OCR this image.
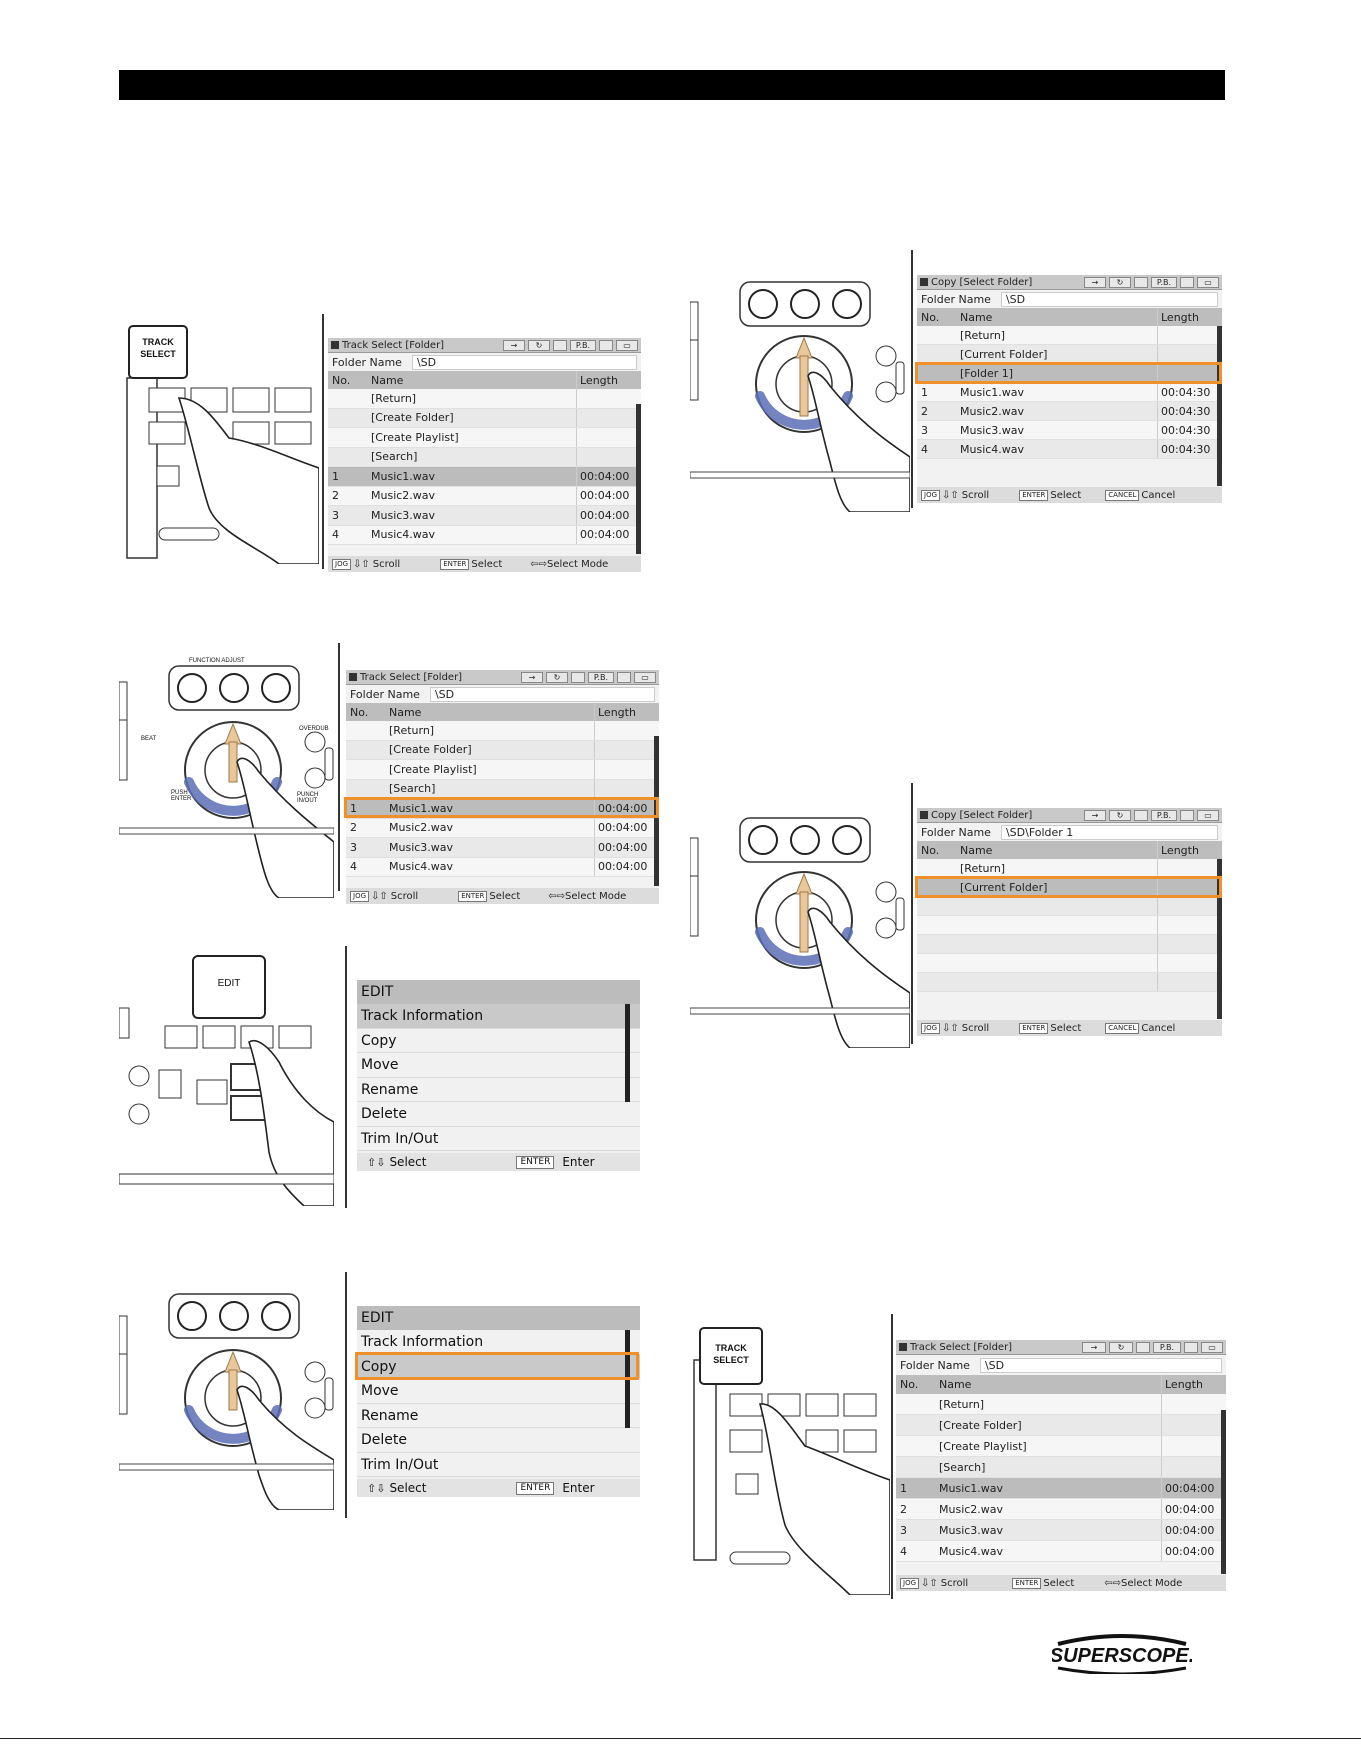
TRACK
SELECT
Track Select [Folder]	→	↻	P.B.	▭
Folder Name	\SD
No.	Name	Length
[Return]
[Create Folder]
[Create Playlist]
[Search]
1	Music1.wav	00:04:00
2	Music2.wav	00:04:00
3	Music3.wav	00:04:00
4	Music4.wav	00:04:00
JOG ⇩⇧ Scroll	ENTER Select	⇦⇨ Select Mode
FUNCTION ADJUST
OVERDUB
BEAT
PUSH ENTER
PUNCH IN/OUT
Track Select [Folder]	→	↻	P.B.	▭
Folder Name	\SD
No.	Name	Length
[Return]
[Create Folder]
[Create Playlist]
[Search]
1	Music1.wav	00:04:00
2	Music2.wav	00:04:00
3	Music3.wav	00:04:00
4	Music4.wav	00:04:00
JOG ⇩⇧ Scroll	ENTER Select	⇦⇨ Select Mode
EDIT
EDIT
Track Information
Copy
Move
Rename
Delete
Trim In/Out
⇧⇩ Select	ENTER	Enter
EDIT
Track Information
Copy
Move
Rename
Delete
Trim In/Out
⇧⇩ Select	ENTER	Enter
Copy [Select Folder]	→	↻	P.B.	▭
Folder Name	\SD
No.	Name	Length
[Return]
[Current Folder]
[Folder 1]
1	Music1.wav	00:04:30
2	Music2.wav	00:04:30
3	Music3.wav	00:04:30
4	Music4.wav	00:04:30
JOG ⇩⇧ Scroll	ENTER Select	CANCEL Cancel
Copy [Select Folder]	→	↻	P.B.	▭
Folder Name	\SD\Folder 1
No.	Name	Length
[Return]
[Current Folder]
JOG ⇩⇧ Scroll	ENTER Select	CANCEL Cancel
TRACK
SELECT
Track Select [Folder]	→	↻	P.B.	▭
Folder Name	\SD
No.	Name	Length
[Return]
[Create Folder]
[Create Playlist]
[Search]
1	Music1.wav	00:04:00
2	Music2.wav	00:04:00
3	Music3.wav	00:04:00
4	Music4.wav	00:04:00
JOG ⇩⇧ Scroll	ENTER Select	⇦⇨ Select Mode
SUPERSCOPE.
